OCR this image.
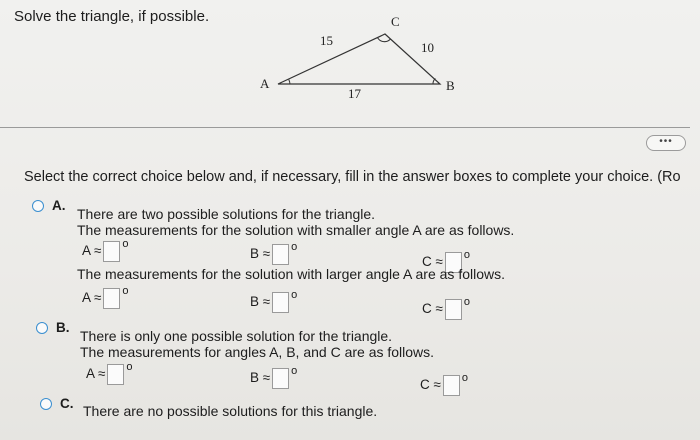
Solve the triangle, if possible.
A	B
C
15	10
17
•••
Select the correct choice below and, if necessary, fill in the answer boxes to complete your choice. (Ro
A.
There are two possible solutions for the triangle.
The measurements for the solution with smaller angle A are as follows.
A ≈ $^o$
B ≈ $^o$
C ≈ $^o$
The measurements for the solution with larger angle A are as follows.
A ≈ $^o$
B ≈ $^o$
C ≈ $^o$
B.
There is only one possible solution for the triangle.
The measurements for angles A, B, and C are as follows.
A ≈ $^o$
B ≈ $^o$
C ≈ $^o$
C. There are no possible solutions for this triangle.
